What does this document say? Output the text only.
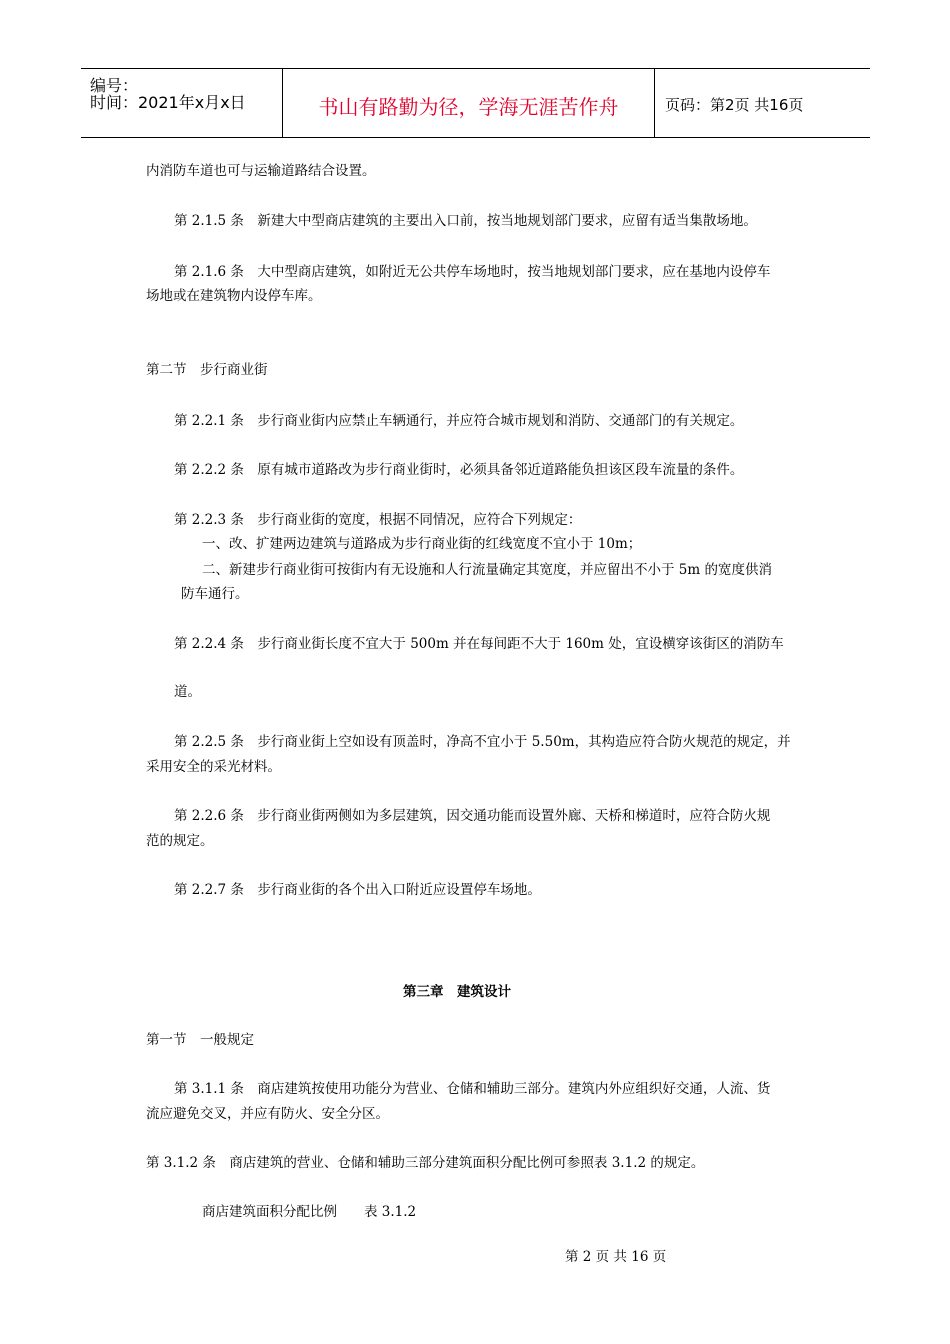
编号：
时间：2021年x月x日	书山有路勤为径，学海无涯苦作舟	页码：第2页 共16页
内消防车道也可与运输道路结合设置。
第 2.1.5 条　新建大中型商店建筑的主要出入口前，按当地规划部门要求，应留有适当集散场地。
第 2.1.6 条　大中型商店建筑，如附近无公共停车场地时，按当地规划部门要求，应在基地内设停车
场地或在建筑物内设停车库。
第二节　步行商业街
第 2.2.1 条　步行商业街内应禁止车辆通行，并应符合城市规划和消防、交通部门的有关规定。
第 2.2.2 条　原有城市道路改为步行商业街时，必须具备邻近道路能负担该区段车流量的条件。
第 2.2.3 条　步行商业街的宽度，根据不同情况，应符合下列规定：
一、改、扩建两边建筑与道路成为步行商业街的红线宽度不宜小于 10m；
二、新建步行商业街可按街内有无设施和人行流量确定其宽度，并应留出不小于 5m 的宽度供消
防车通行。
第 2.2.4 条　步行商业街长度不宜大于 500m 并在每间距不大于 160m 处，宜设横穿该街区的消防车
道。
第 2.2.5 条　步行商业街上空如设有顶盖时，净高不宜小于 5.50m，其构造应符合防火规范的规定，并
采用安全的采光材料。
第 2.2.6 条　步行商业街两侧如为多层建筑，因交通功能而设置外廊、天桥和梯道时，应符合防火规
范的规定。
第 2.2.7 条　步行商业街的各个出入口附近应设置停车场地。
第三章　建筑设计
第一节　一般规定
第 3.1.1 条　商店建筑按使用功能分为营业、仓储和辅助三部分。建筑内外应组织好交通，人流、货
流应避免交叉，并应有防火、安全分区。
第 3.1.2 条　商店建筑的营业、仓储和辅助三部分建筑面积分配比例可参照表 3.1.2 的规定。
商店建筑面积分配比例　　表 3.1.2
第 2 页 共 16 页
